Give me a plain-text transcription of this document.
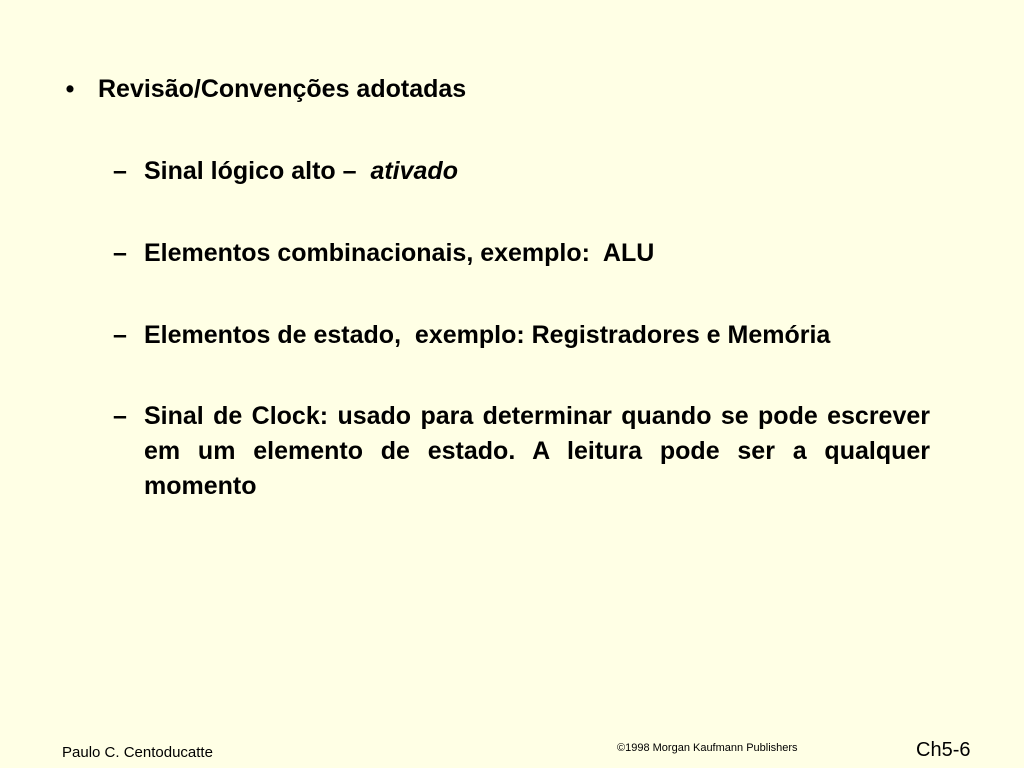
• Revisão/Convenções adotadas
– Sinal lógico alto –  ativado
– Elementos combinacionais, exemplo:  ALU
– Elementos de estado,  exemplo: Registradores e Memória
– Sinal de Clock: usado para determinar quando se pode escrever em um elemento de estado. A leitura pode ser a qualquer momento
Paulo C. Centoducatte	©1998 Morgan Kaufmann Publishers	Ch5-6
